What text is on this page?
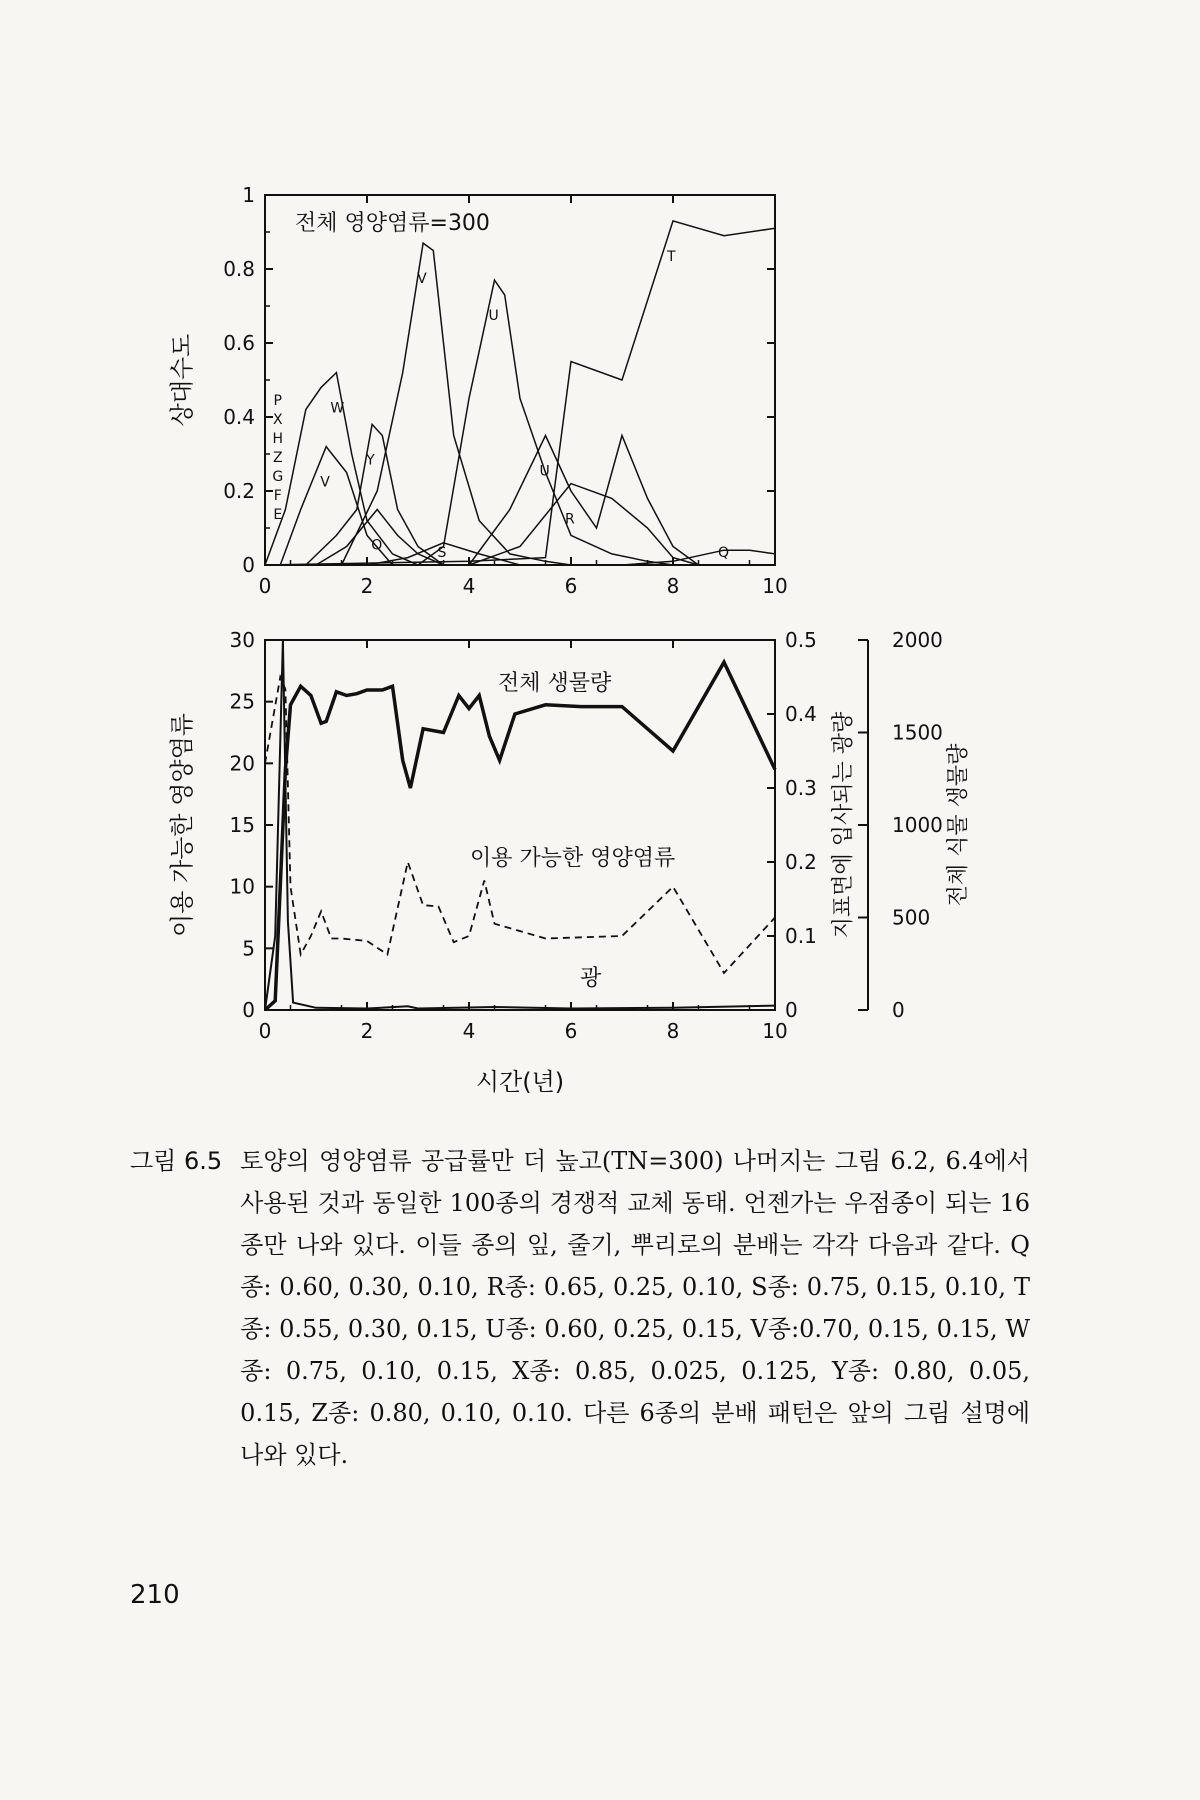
0	2	4	6	8	10
0
0.2
0.4
0.6
0.8
1
T
U
V
W
Y
V
U
R
Q
O	S
P
X
H
Z
G
F
E
전체 영양염류=300
상대수도
0	2	4	6	8	10
0
5
10
15
20
25
30
0
0.1
0.2
0.3
0.4
0.5
0
500
1000
1500
2000
전체 생물량
이용 가능한 영양염류
광
시간(년)
이용 가능한 영양염류	지표면에 입사되는 광량	전체 식물 생물량
그림 6.5 토양의 영양염류 공급률만 더 높고(TN=300) 나머지는 그림 6.2, 6.4에서 사용된 것과 동일한 100종의 경쟁적 교체 동태. 언젠가는 우점종이 되는 16종만 나와 있다. 이들 종의 잎, 줄기, 뿌리로의 분배는 각각 다음과 같다. Q종: 0.60, 0.30, 0.10, R종: 0.65, 0.25, 0.10, S종: 0.75, 0.15, 0.10, T종: 0.55, 0.30, 0.15, U종: 0.60, 0.25, 0.15, V종:0.70, 0.15, 0.15, W종: 0.75, 0.10, 0.15, X종: 0.85, 0.025, 0.125, Y종: 0.80, 0.05, 0.15, Z종: 0.80, 0.10, 0.10. 다른 6종의 분배 패턴은 앞의 그림 설명에 나와 있다.
210
